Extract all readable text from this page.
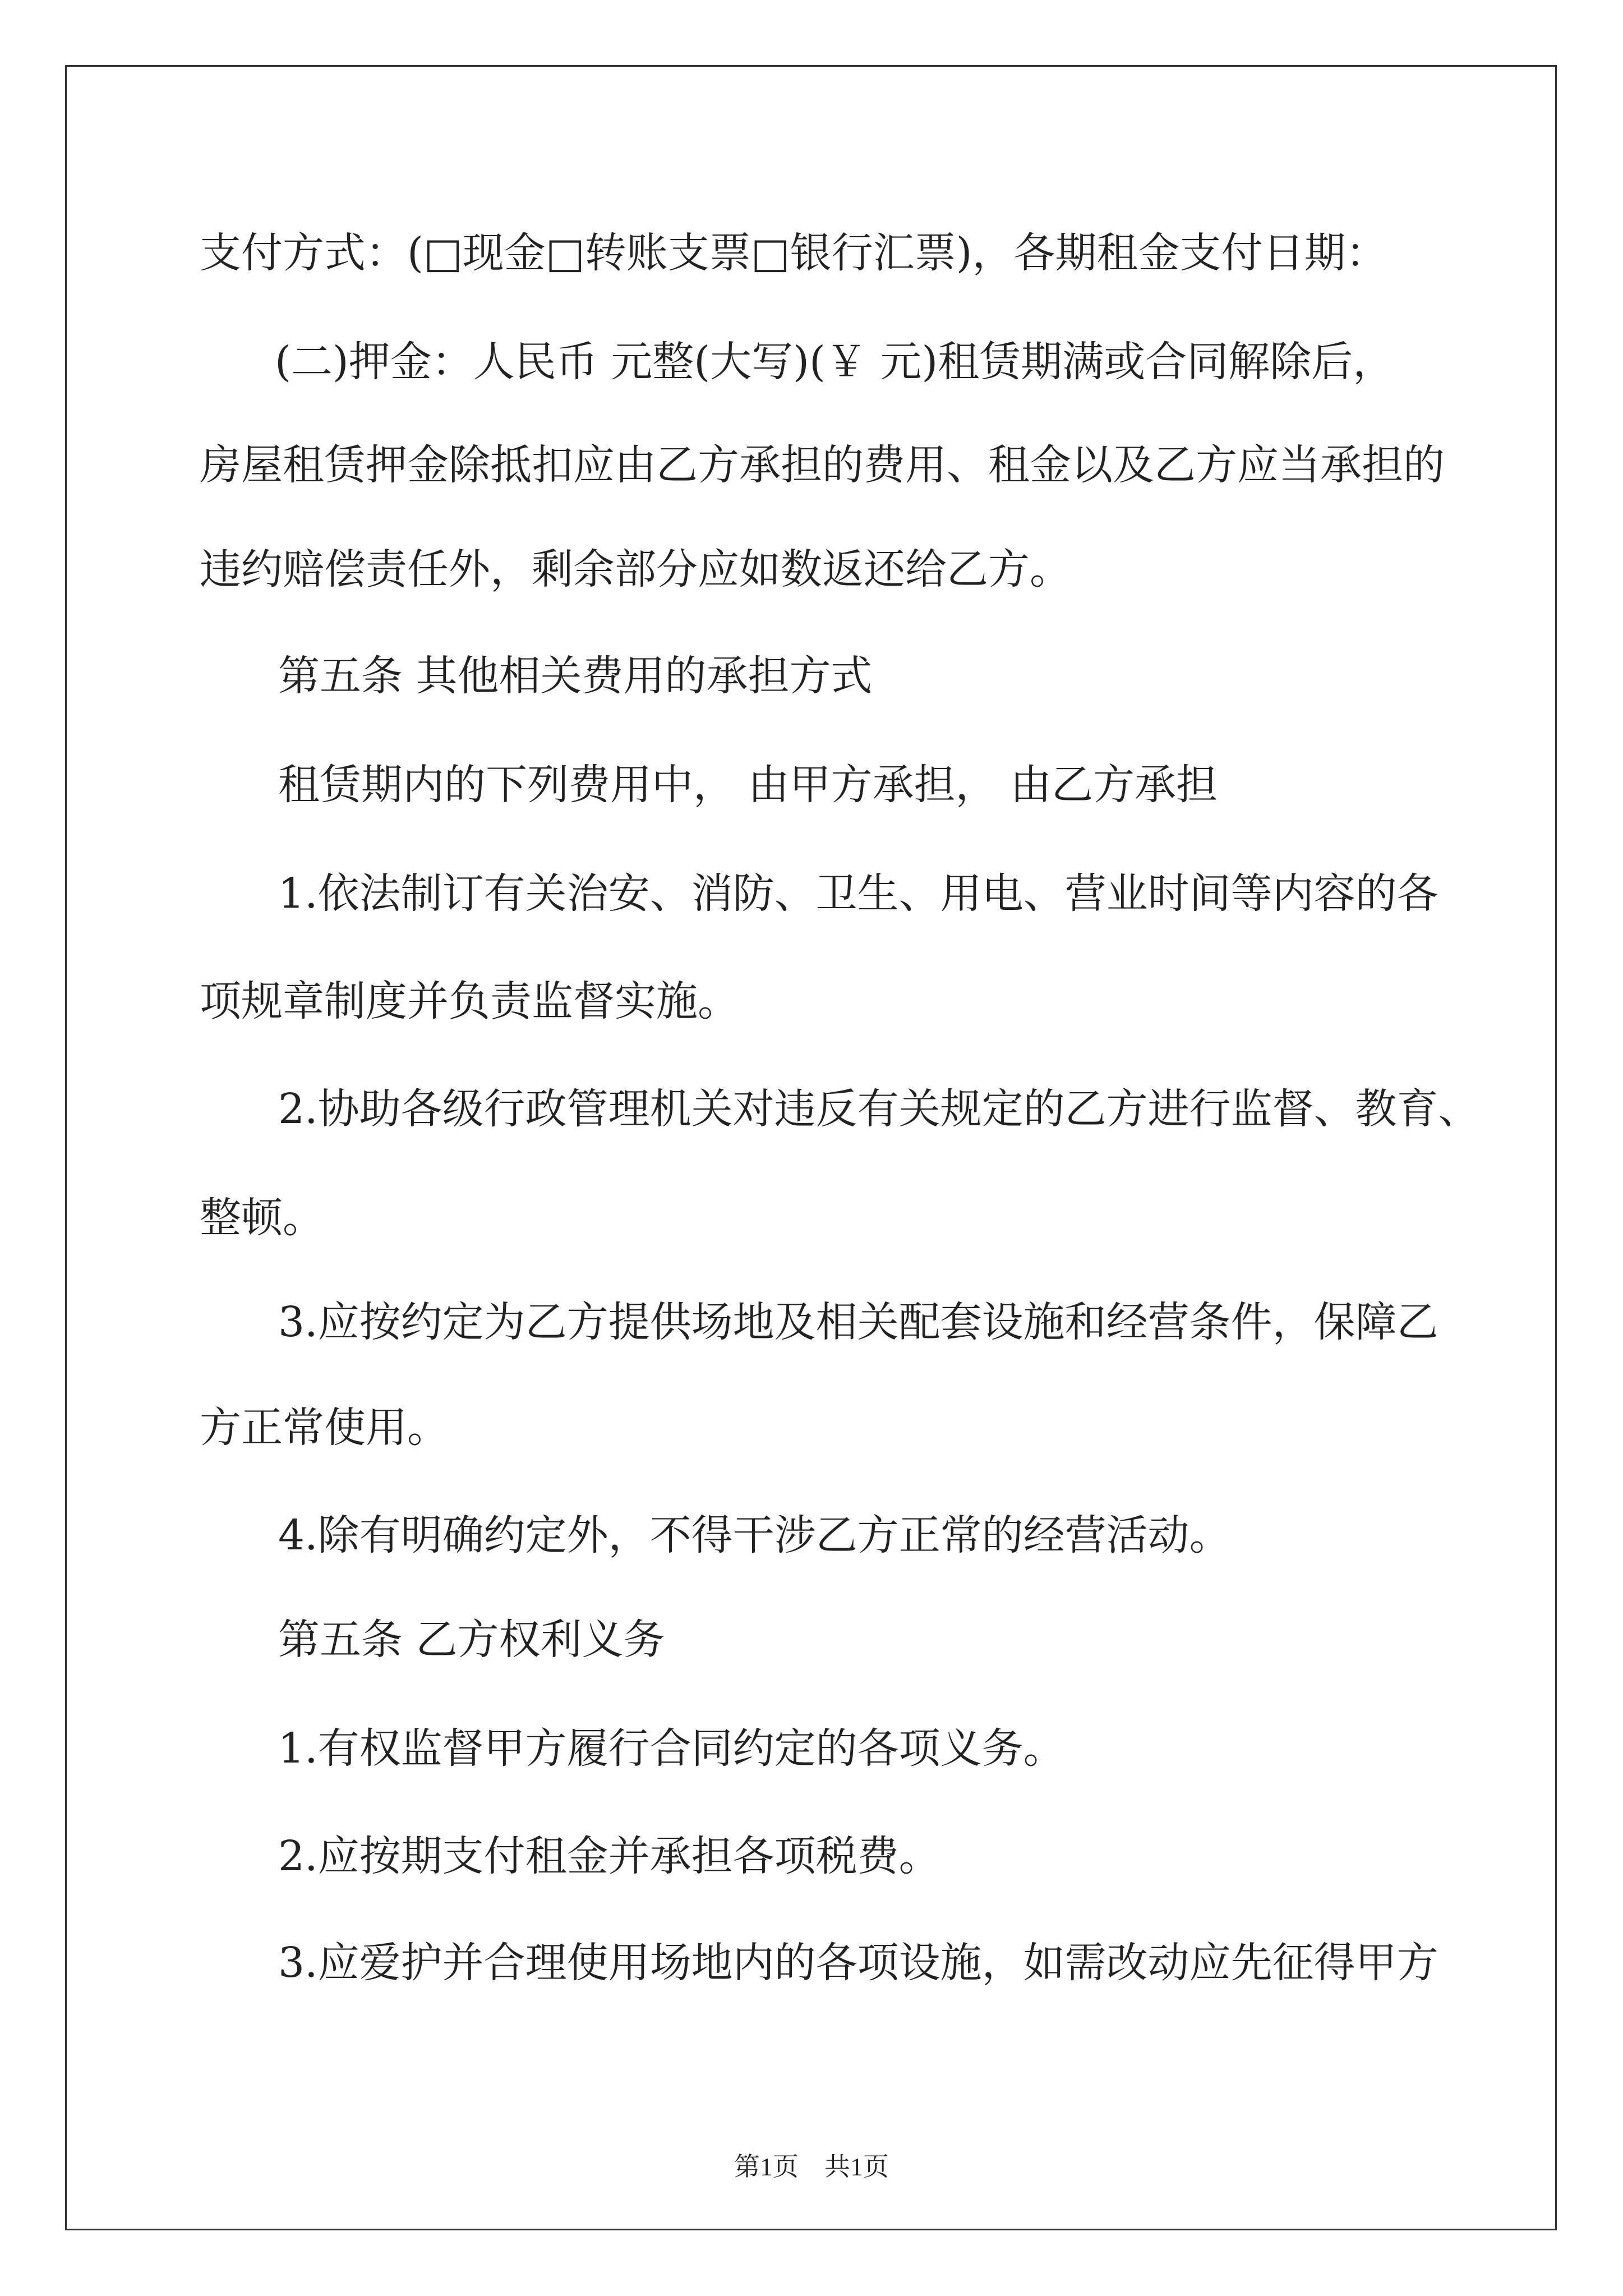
支付方式：(□现金□转账支票□银行汇票)，各期租金支付日期：
(二)押金：人民币 元整(大写)(￥ 元)租赁期满或合同解除后，
房屋租赁押金除抵扣应由乙方承担的费用、租金以及乙方应当承担的
违约赔偿责任外，剩余部分应如数返还给乙方。
第五条 其他相关费用的承担方式
租赁期内的下列费用中， 由甲方承担， 由乙方承担
1.依法制订有关治安、消防、卫生、用电、营业时间等内容的各
项规章制度并负责监督实施。
2.协助各级行政管理机关对违反有关规定的乙方进行监督、教育、
整顿。
3.应按约定为乙方提供场地及相关配套设施和经营条件，保障乙
方正常使用。
4.除有明确约定外，不得干涉乙方正常的经营活动。
第五条 乙方权利义务
1.有权监督甲方履行合同约定的各项义务。
2.应按期支付租金并承担各项税费。
3.应爱护并合理使用场地内的各项设施，如需改动应先征得甲方
第1页 共1页
